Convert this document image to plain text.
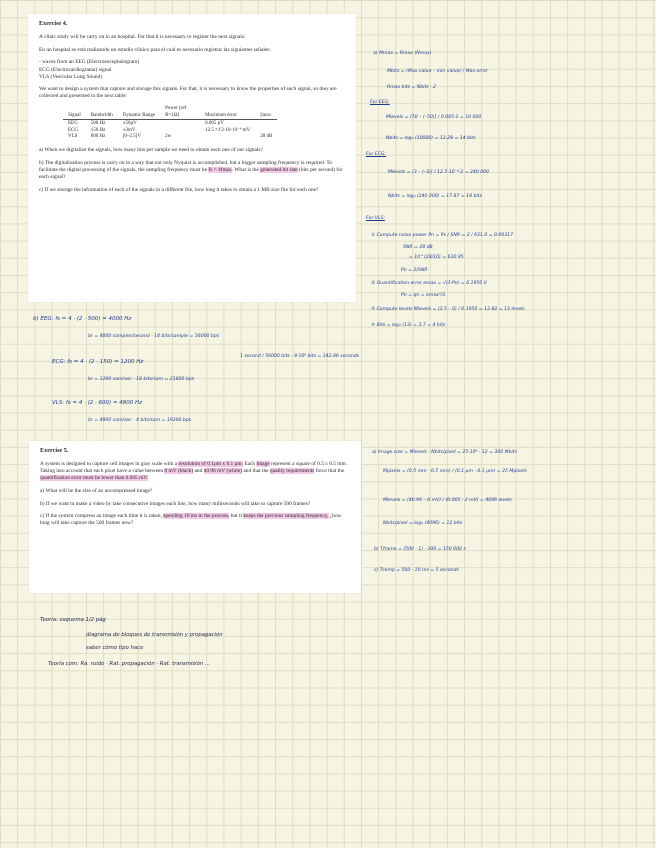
Exercise 4.

A clinic study will be carry on in an hospital. For that it is necessary to register the next signals:

En un hospital se está realizando un estudio clínico para el cual es necesario registrar las siguientes señales:

- waves from an EEG (Electroencephalogram)
ECG (Electrocardiograma) signal
VLS (Vesicular Lung Sound)

We want to design a system that capture and storage this signals. For that, it is necessary to know the properties of each signal, so they are collected and presented in the next table:

Signal	Bandwidth	Dynamic Range	Power (ref R=1Ω)	Maximum error	ξmax
EEG	500 Hz	±50μV		0.005 μV	
ECG	150 Hz	±3mV		12.5 ×1'2·10·10⁻⁶ mV	
VLS	600 Hz	[0–2.5]V	2w		28 dB

a) When we digitalize the signals, how many bits per sample we need to obtain each one of our signals?

b) The digitalization process is carry on in a way that not only Nyquist is accomplished, but a bigger sampling frequency is required. To facilitate the digital processing of the signals, the sampling frequency must be fs = 4fmax. What is the generated bit rate (bits per second) for each signal?

c) If we storage the information of each of the signals in a different file, how long it takes to obtain a 1 MB size file for each one?

Exercise 5.

A system is designed to capture cell images in gray scale with a resolution of 0.1μm x 0.1 μm. Each image represent a square of 0.5 x 0.5 mm. Taking into account that each pixel have a value between 0 mV (black) and 40.96 mV (white) and that the quality requirements force that the quantification error must be lower than 0.005 mV.

a) What will be the size of an uncompressed image?

b) If we want to make a video by take consecutive images each line, how many milliseconds will take to capture 500 frames?

c) If the system compress an image each time it is taken, spending 10 ms in the process, but it keeps the previous sampling frequency, ¿how long will take capture the 500 frames now?

a) Mmax = Rmax (Nmax)
Mbits = (Max value – min value) / Max error
Rmax bits = Nbits · 2
For EEG:
Mlevels = [50 – (–50)] / 0.005·2 = 10 000
Nbits = log₂ (10000) = 13.28 = 14 bits
For ECG:
Mlevels = [3 – (–3)] / 12.5·10⁻⁶·2 = 240 000
Nbits = log₂ (240 000) = 17.87 = 18 bits
For VLS:
① Compute noise power Pn = Ps / SNR = 2 / 631.0 = 0.00317
SNR = 28 dB
= 10^(28/10) = 630.95
Pn = 2/SNR
② Quantification error emax = √(3·Pn) = 0.1950 V
Pn = qn = emax²/3
③ Compute levels Mlevels = (2.5 – 0) / 0.1950 = 12.82 = 13 levels
④ Bits = log₂ (13) = 3.7 = 4 bits
b) EEG: fs = 4 · (2 · 500) = 4000 Hz
br = 4000 samples/second · 14 bits/sample = 56000 bps
1 second / 56000 bits · 8·10⁶ bits = 142.86 seconds
ECG: fs = 4 · (2 · 150) = 1200 Hz
br = 1200 sam/sec · 18 bits/sam = 21600 bps
VLS: fs = 4 · (2 · 600) = 4800 Hz
br = 4800 sam/sec · 4 bits/sam = 19200 bps
a) Image size = Mlevels · Nbits/pixel = 25·10⁶ · 12 = 300 Mbits
Mpixels = (0.5 mm · 0.5 mm) / (0.1 μm · 0.1 μm) = 25 Mpixels
Mlevels = (40.96 – 0 mV) / (0.005 · 2 mV) = 4096 levels
Nbits/pixel = log₂ (4096) = 12 bits
b) Tframe = (500 · 1) · 300 = 150 000 s
c) Tcomp = 500 · 10 ms = 5 seconds
Teoría: esquema 1/2 pág
diagrama de bloques de transmisión y propagación
saber cómo tipo hace
Teoría com: Ra. ruido · Rat. propagación · Rat. transmisión ...
